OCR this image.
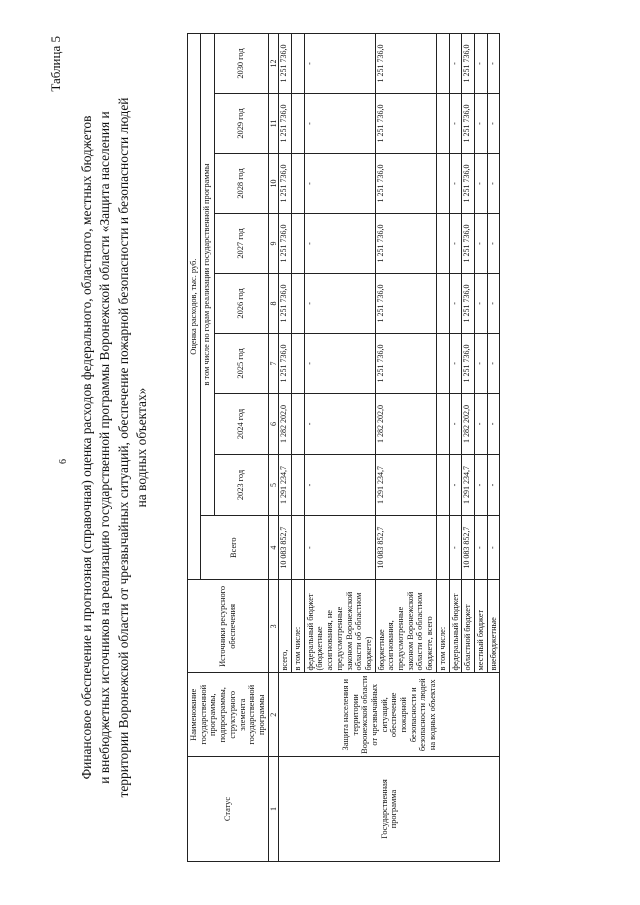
6
Таблица 5
Финансовое обеспечение и прогнозная (справочная) оценка расходов федерального, областного, местных бюджетов и внебюджетных источников на реализацию государственной программы Воронежской области «Защита населения и территории Воронежской области от чрезвычайных ситуаций, обеспечение пожарной безопасности и безопасности людей на водных объектах»
Статус	Наименование государственной программы, подпрограммы, структурного элемента государственной программы	Источники ресурсного обеспечения	Оценка расходов, тыс. руб.								
			Всего	в том числе по годам реализации государственной программы							
				2023 год	2024 год	2025 год	2026 год	2027 год	2028 год	2029 год	2030 год
1	2	3	4	5	6	7	8	9	10	11	12
Государственная программа	Защита населения и территории Воронежской области от чрезвычайных ситуаций, обеспечение пожарной безопасности и безопасности людей на водных объектах	всего,	10 083 852,7	1 291 234,7	1 282 202,0	1 251 736,0	1 251 736,0	1 251 736,0	1 251 736,0	1 251 736,0	1 251 736,0
		в том числе:									
		федеральный бюджет (бюджетные ассигнования, не предусмотренные законом Воронежской области об областном бюджете)	-	-	-	-	-	-	-	-	-
		бюджетные ассигнования, предусмотренные законом Воронежской области об областном бюджете, всего	10 083 852,7	1 291 234,7	1 282 202,0	1 251 736,0	1 251 736,0	1 251 736,0	1 251 736,0	1 251 736,0	1 251 736,0
		в том числе:									
		федеральный бюджет	-	-	-	-	-	-	-	-	-
		областной бюджет	10 083 852,7	1 291 234,7	1 282 202,0	1 251 736,0	1 251 736,0	1 251 736,0	1 251 736,0	1 251 736,0	1 251 736,0
		местный бюджет	-	-	-	-	-	-	-	-	-
		внебюджетные	-	-	-	-	-	-	-	-	-
